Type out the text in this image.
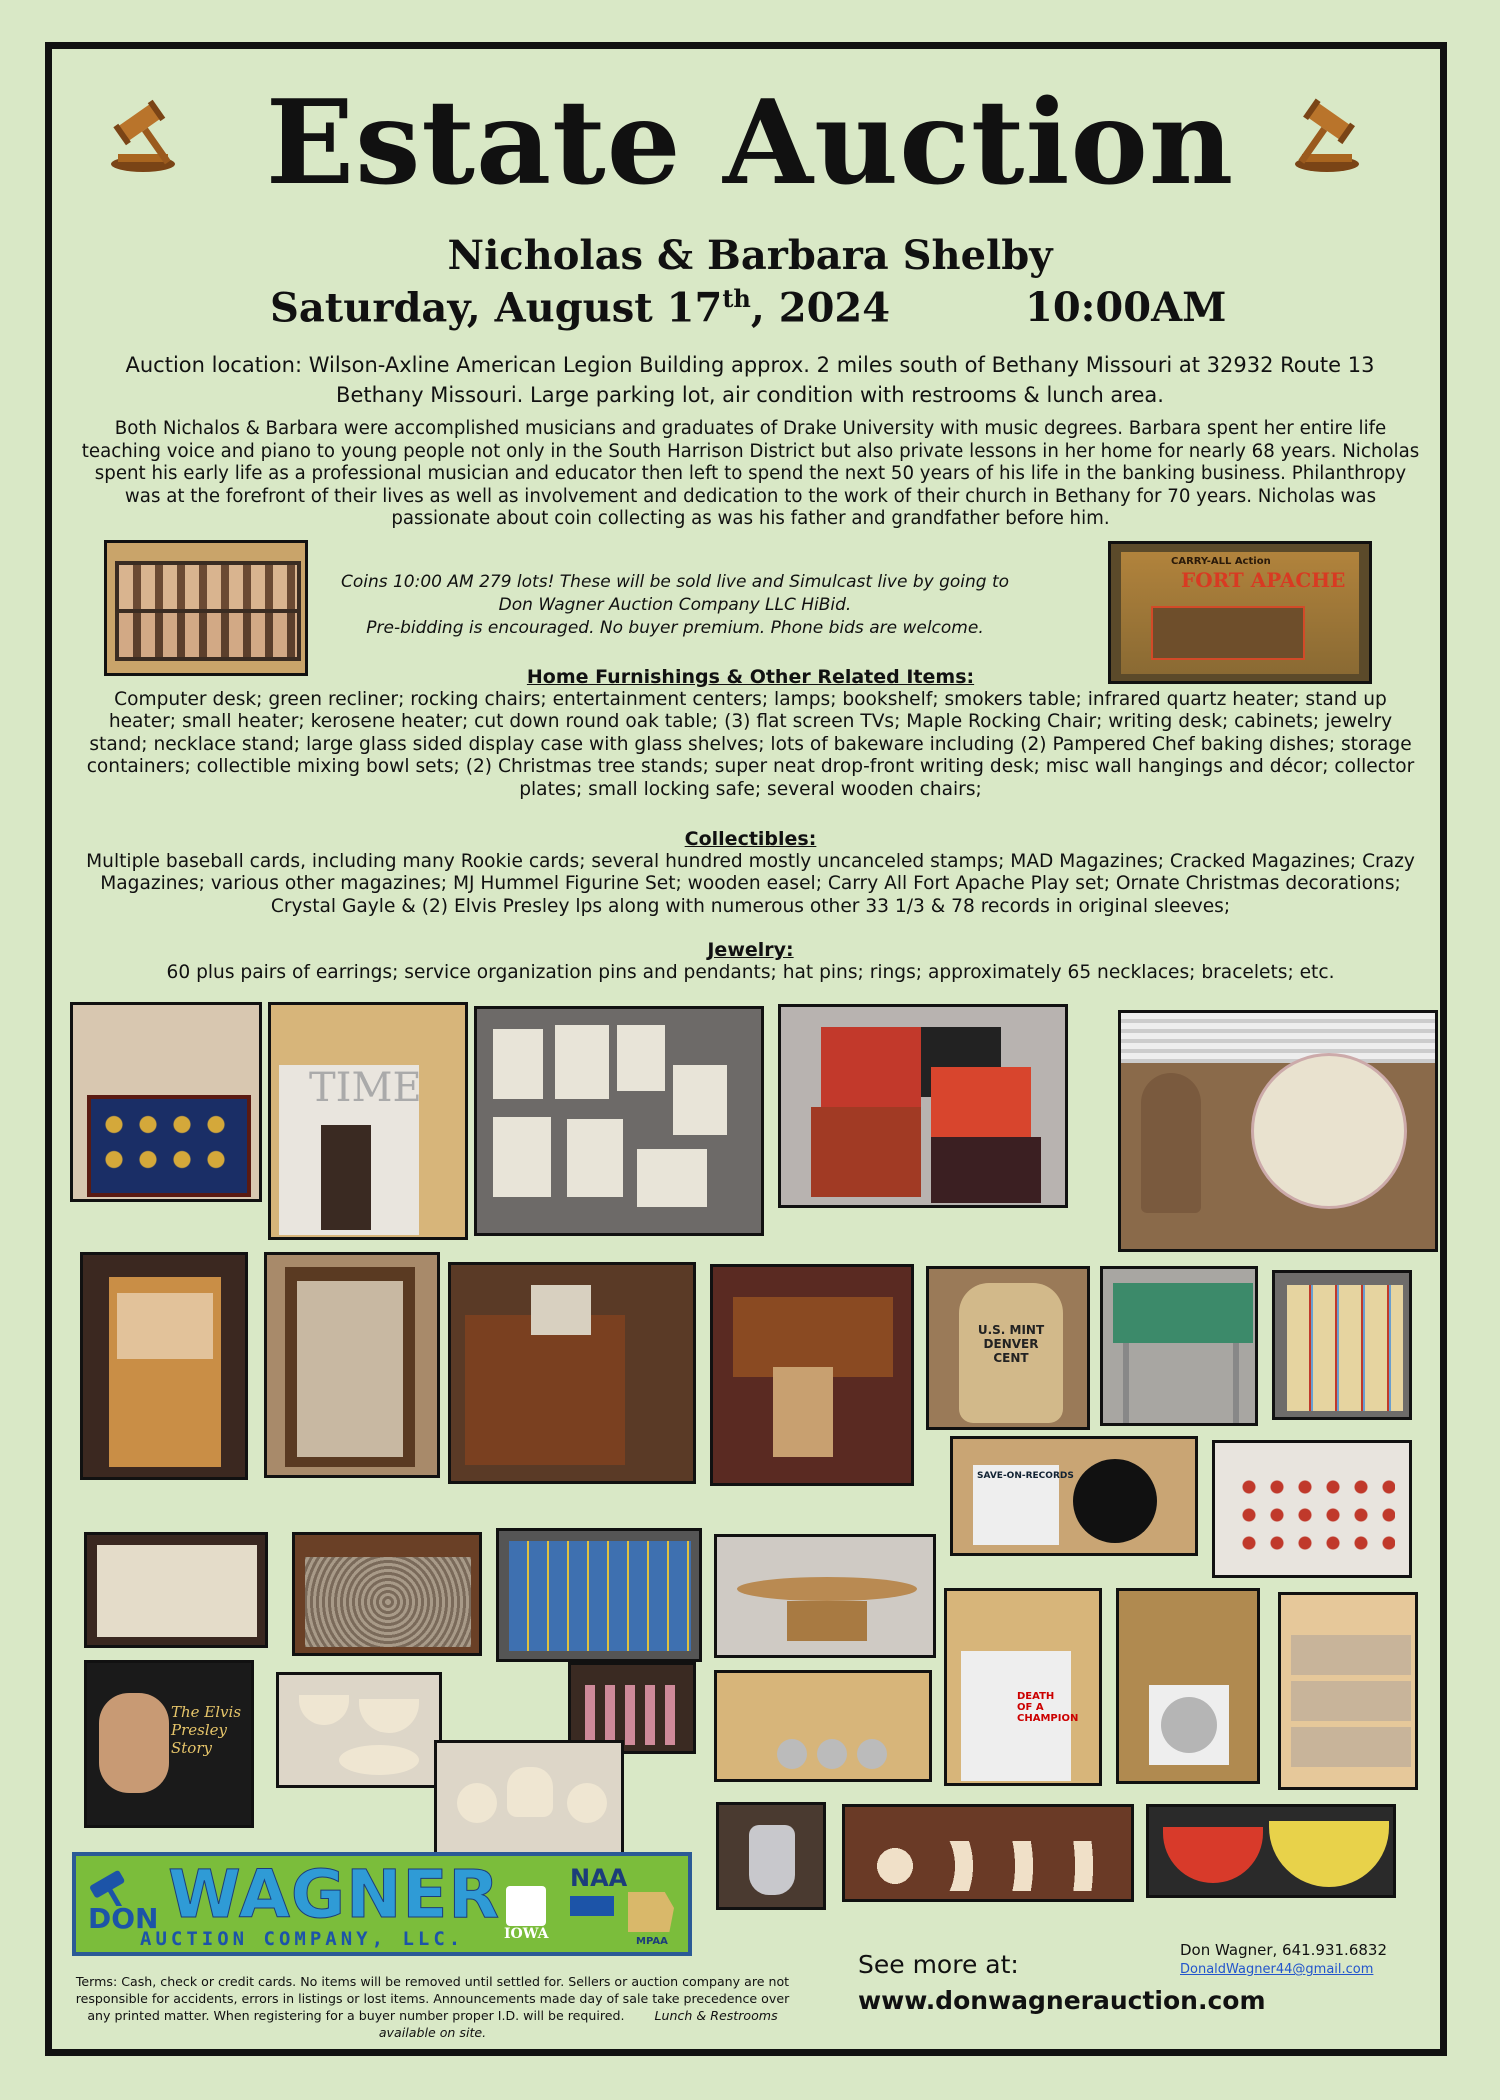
Estate Auction
Nicholas & Barbara Shelby
Saturday, August 17th, 2024	10:00AM
Auction location: Wilson-Axline American Legion Building approx. 2 miles south of Bethany Missouri at 32932 Route 13 Bethany Missouri. Large parking lot, air condition with restrooms & lunch area.
Both Nichalos & Barbara were accomplished musicians and graduates of Drake University with music degrees. Barbara spent her entire life teaching voice and piano to young people not only in the South Harrison District but also private lessons in her home for nearly 68 years. Nicholas spent his early life as a professional musician and educator then left to spend the next 50 years of his life in the banking business. Philanthropy was at the forefront of their lives as well as involvement and dedication to the work of their church in Bethany for 70 years. Nicholas was passionate about coin collecting as was his father and grandfather before him.
Coins 10:00 AM 279 lots! These will be sold live and Simulcast live by going to
Don Wagner Auction Company LLC HiBid.
Pre-bidding is encouraged. No buyer premium. Phone bids are welcome.
CARRY-ALL Action
FORT APACHE
Home Furnishings & Other Related Items:
Computer desk; green recliner; rocking chairs; entertainment centers; lamps; bookshelf; smokers table; infrared quartz heater; stand up heater; small heater; kerosene heater; cut down round oak table; (3) flat screen TVs; Maple Rocking Chair; writing desk; cabinets; jewelry stand; necklace stand; large glass sided display case with glass shelves; lots of bakeware including (2) Pampered Chef baking dishes; storage containers; collectible mixing bowl sets; (2) Christmas tree stands; super neat drop-front writing desk; misc wall hangings and décor; collector plates; small locking safe; several wooden chairs;
Collectibles:
Multiple baseball cards, including many Rookie cards; several hundred mostly uncanceled stamps; MAD Magazines; Cracked Magazines; Crazy Magazines; various other magazines; MJ Hummel Figurine Set; wooden easel; Carry All Fort Apache Play set; Ornate Christmas decorations; Crystal Gayle & (2) Elvis Presley lps along with numerous other 33 1/3 & 78 records in original sleeves;
Jewelry:
60 plus pairs of earrings; service organization pins and pendants; hat pins; rings; approximately 65 necklaces; bracelets; etc.
TIME
U.S. MINT DENVER CENT
SAVE-ON-RECORDS
DEATH OF A CHAMPION
The Elvis Presley Story
DON WAGNER
AUCTION COMPANY, LLC.	IOWA
NAA
MPAA
Terms: Cash, check or credit cards. No items will be removed until settled for. Sellers or auction company are not responsible for accidents, errors in listings or lost items. Announcements made day of sale take precedence over any printed matter. When registering for a buyer number proper I.D. will be required. Lunch & Restrooms available on site.
See more at:
www.donwagnerauction.com
Don Wagner, 641.931.6832
DonaldWagner44@gmail.com
